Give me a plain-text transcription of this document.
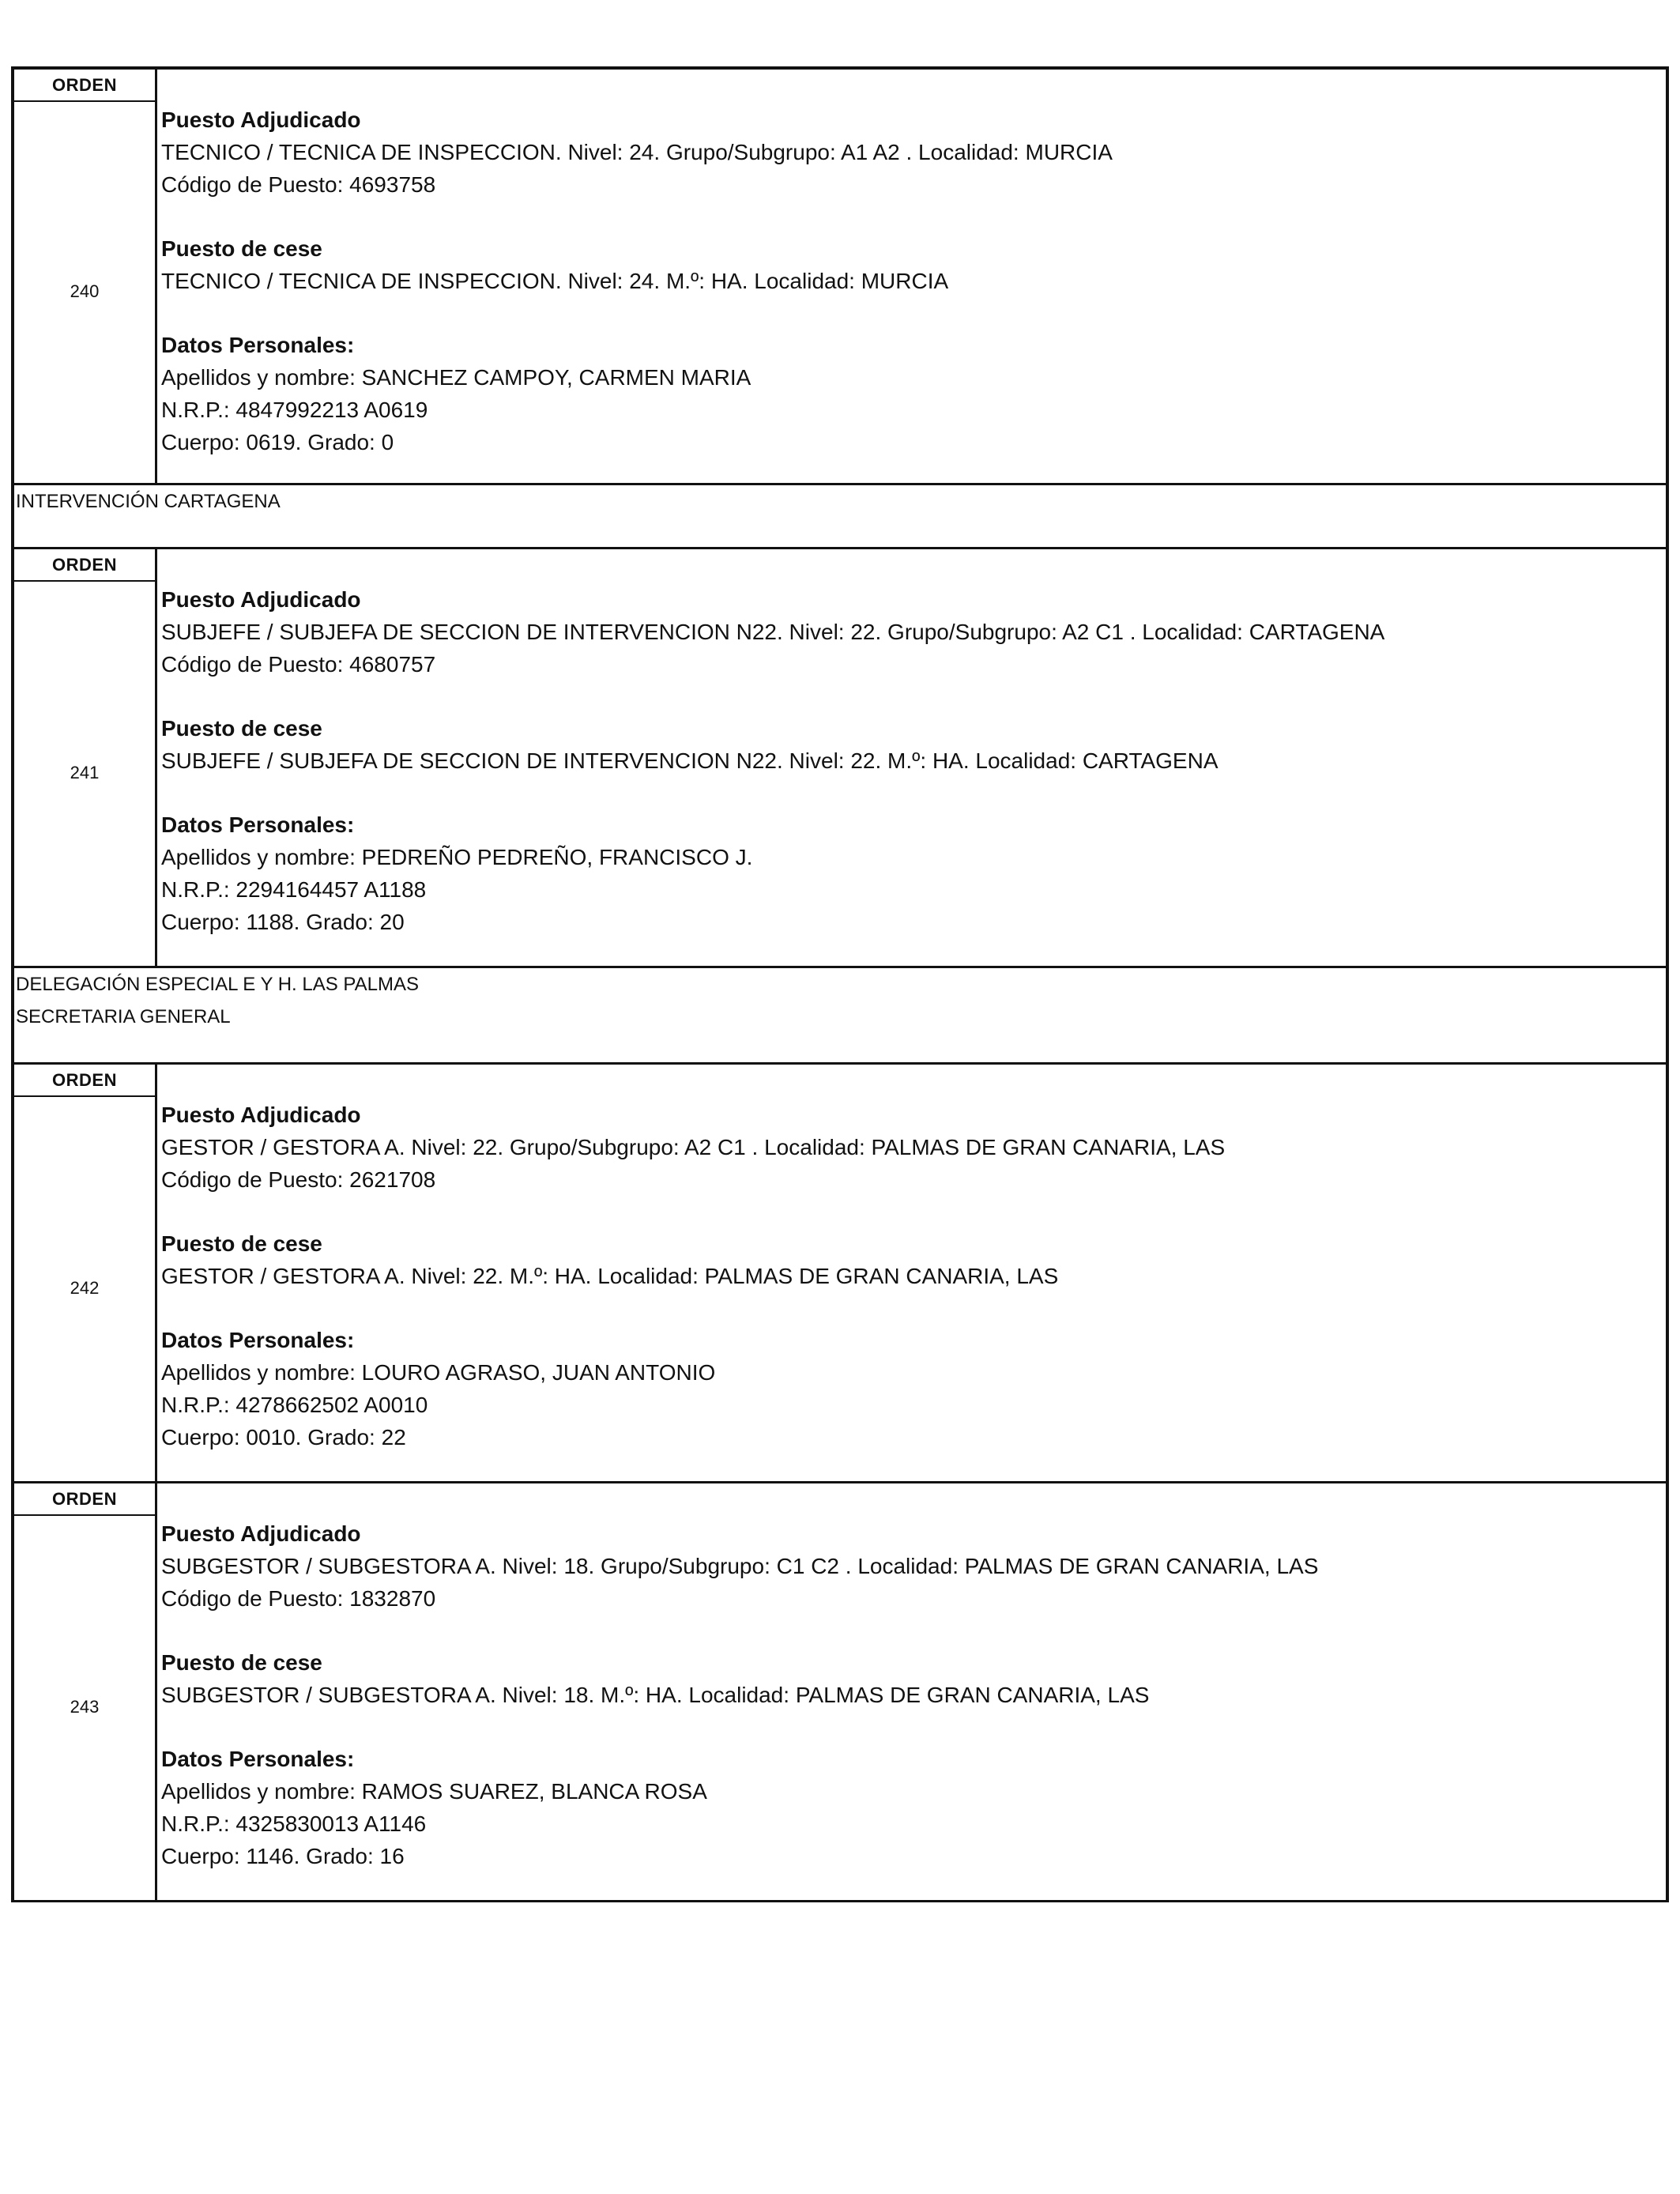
ORDEN
240
Puesto Adjudicado
TECNICO / TECNICA DE INSPECCION. Nivel: 24. Grupo/Subgrupo: A1 A2 . Localidad: MURCIA
Código de Puesto: 4693758
Puesto de cese
TECNICO / TECNICA DE INSPECCION. Nivel: 24. M.º: HA. Localidad: MURCIA
Datos Personales:
Apellidos y nombre: SANCHEZ CAMPOY, CARMEN MARIA
N.R.P.: 4847992213 A0619
Cuerpo: 0619. Grado: 0
INTERVENCIÓN CARTAGENA
ORDEN
241
Puesto Adjudicado
SUBJEFE / SUBJEFA DE SECCION DE INTERVENCION N22. Nivel: 22. Grupo/Subgrupo: A2 C1 . Localidad: CARTAGENA
Código de Puesto: 4680757
Puesto de cese
SUBJEFE / SUBJEFA DE SECCION DE INTERVENCION N22. Nivel: 22. M.º: HA. Localidad: CARTAGENA
Datos Personales:
Apellidos y nombre: PEDREÑO PEDREÑO, FRANCISCO J.
N.R.P.: 2294164457 A1188
Cuerpo: 1188. Grado: 20
DELEGACIÓN ESPECIAL E Y H. LAS PALMAS
SECRETARIA GENERAL
ORDEN
242
Puesto Adjudicado
GESTOR / GESTORA A. Nivel: 22. Grupo/Subgrupo: A2 C1 . Localidad: PALMAS DE GRAN CANARIA, LAS
Código de Puesto: 2621708
Puesto de cese
GESTOR / GESTORA A. Nivel: 22. M.º: HA. Localidad: PALMAS DE GRAN CANARIA, LAS
Datos Personales:
Apellidos y nombre: LOURO AGRASO, JUAN ANTONIO
N.R.P.: 4278662502 A0010
Cuerpo: 0010. Grado: 22
ORDEN
243
Puesto Adjudicado
SUBGESTOR / SUBGESTORA A. Nivel: 18. Grupo/Subgrupo: C1 C2 . Localidad: PALMAS DE GRAN CANARIA, LAS
Código de Puesto: 1832870
Puesto de cese
SUBGESTOR / SUBGESTORA A. Nivel: 18. M.º: HA. Localidad: PALMAS DE GRAN CANARIA, LAS
Datos Personales:
Apellidos y nombre: RAMOS SUAREZ, BLANCA ROSA
N.R.P.: 4325830013 A1146
Cuerpo: 1146. Grado: 16
